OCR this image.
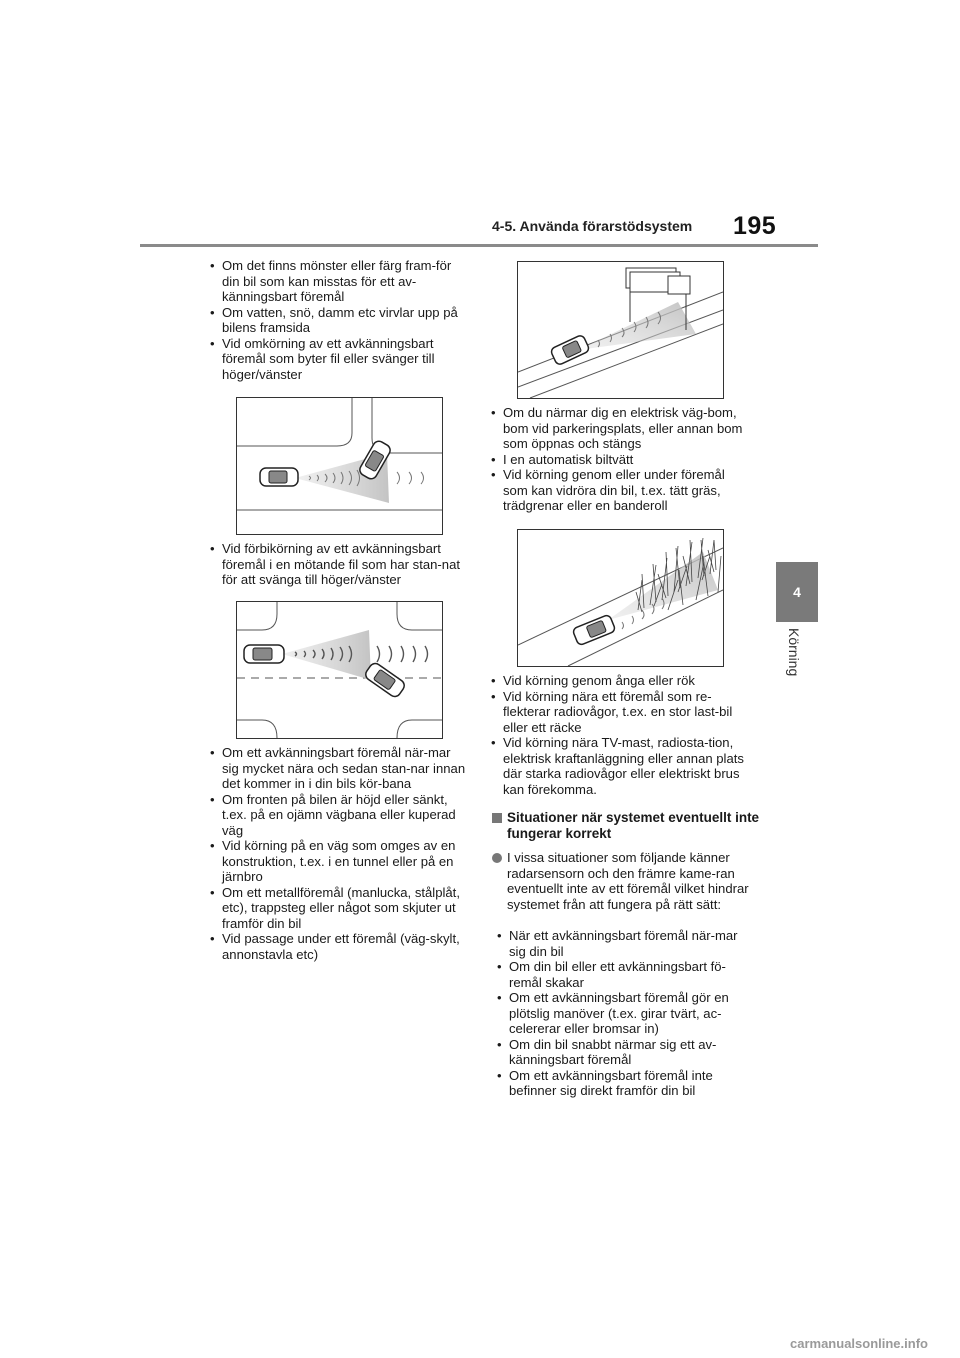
4-5. Använda förarstödsystem 195
4
Körning
• Om det finns mönster eller färg fram-för din bil som kan misstas för ett av-känningsbart föremål
• Om vatten, snö, damm etc virvlar upp på bilens framsida
• Vid omkörning av ett avkänningsbart föremål som byter fil eller svänger till höger/vänster
• Vid förbikörning av ett avkänningsbart föremål i en mötande fil som har stan-nat för att svänga till höger/vänster
• Om ett avkänningsbart föremål när-mar sig mycket nära och sedan stan-nar innan det kommer in i din bils kör-bana
• Om fronten på bilen är höjd eller sänkt, t.ex. på en ojämn vägbana eller kuperad väg
• Vid körning på en väg som omges av en konstruktion, t.ex. i en tunnel eller på en järnbro
• Om ett metallföremål (manlucka, stålplåt, etc), trappsteg eller något som skjuter ut framför din bil
• Vid passage under ett föremål (väg-skylt, annonstavla etc)
• Om du närmar dig en elektrisk väg-bom, bom vid parkeringsplats, eller annan bom som öppnas och stängs
• I en automatisk biltvätt
• Vid körning genom eller under föremål som kan vidröra din bil, t.ex. tätt gräs, trädgrenar eller en banderoll
• Vid körning genom ånga eller rök
• Vid körning nära ett föremål som re-flekterar radiovågor, t.ex. en stor last-bil eller ett räcke
• Vid körning nära TV-mast, radiosta-tion, elektrisk kraftanläggning eller annan plats där starka radiovågor eller elektriskt brus kan förekomma.
Situationer när systemet eventuellt inte fungerar korrekt
I vissa situationer som följande känner radarsensorn och den främre kame-ran eventuellt inte av ett föremål vilket hindrar systemet från att fungera på rätt sätt:
• När ett avkänningsbart föremål när-mar sig din bil
• Om din bil eller ett avkänningsbart fö-remål skakar
• Om ett avkänningsbart föremål gör en plötslig manöver (t.ex. girar tvärt, ac-celererar eller bromsar in)
• Om din bil snabbt närmar sig ett av-känningsbart föremål
• Om ett avkänningsbart föremål inte befinner sig direkt framför din bil
carmanualsonline.info
